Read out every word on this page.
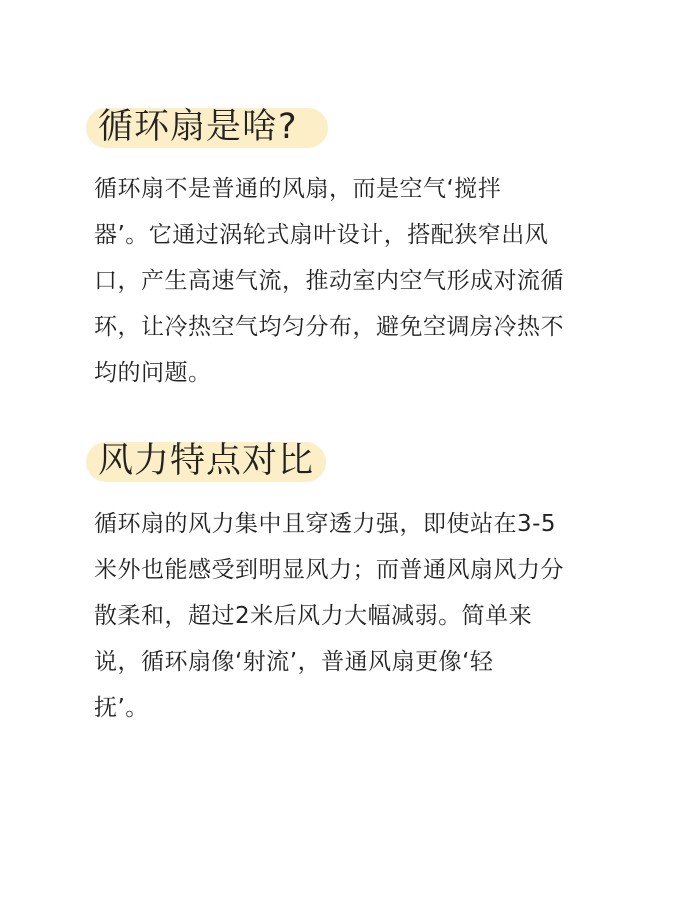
循环扇是啥?
循环扇不是普通的风扇，而是空气‘搅拌
器’。它通过涡轮式扇叶设计，搭配狭窄出风
口，产生高速气流，推动室内空气形成对流循
环，让冷热空气均匀分布，避免空调房冷热不
均的问题。
风力特点对比
循环扇的风力集中且穿透力强，即使站在3-5
米外也能感受到明显风力；而普通风扇风力分
散柔和，超过2米后风力大幅减弱。简单来
说，循环扇像‘射流’，普通风扇更像‘轻
抚’。
